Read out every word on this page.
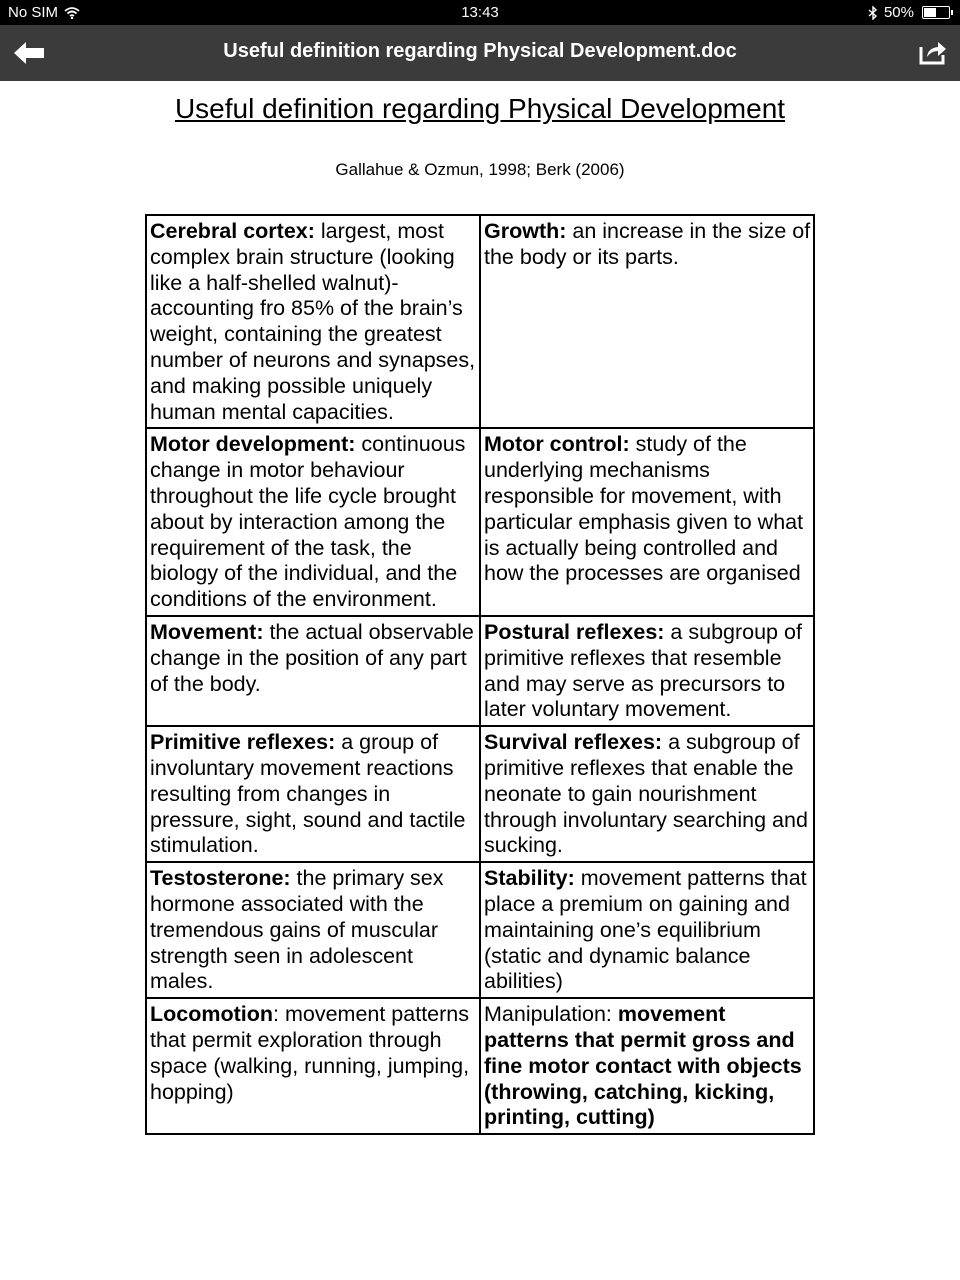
No SIM	13:43	50%
Useful definition regarding Physical Development.doc
Useful definition regarding Physical Development
Gallahue & Ozmun, 1998; Berk (2006)
Cerebral cortex: largest, most complex brain structure (looking like a half-shelled walnut)- accounting fro 85% of the brain’s weight, containing the greatest number of neurons and synapses, and making possible uniquely human mental capacities.	Growth: an increase in the size of the body or its parts.
Motor development: continuous change in motor behaviour throughout the life cycle brought about by interaction among the requirement of the task, the biology of the individual, and the conditions of the environment.	Motor control: study of the underlying mechanisms responsible for movement, with particular emphasis given to what is actually being controlled and how the processes are organised
Movement: the actual observable change in the position of any part of the body.	Postural reflexes: a subgroup of primitive reflexes that resemble and may serve as precursors to later voluntary movement.
Primitive reflexes: a group of involuntary movement reactions resulting from changes in pressure, sight, sound and tactile stimulation.	Survival reflexes: a subgroup of primitive reflexes that enable the neonate to gain nourishment through involuntary searching and sucking.
Testosterone: the primary sex hormone associated with the tremendous gains of muscular strength seen in adolescent males.	Stability: movement patterns that place a premium on gaining and maintaining one’s equilibrium (static and dynamic balance abilities)
Locomotion: movement patterns that permit exploration through space (walking, running, jumping, hopping)	Manipulation: movement patterns that permit gross and fine motor contact with objects (throwing, catching, kicking, printing, cutting)
